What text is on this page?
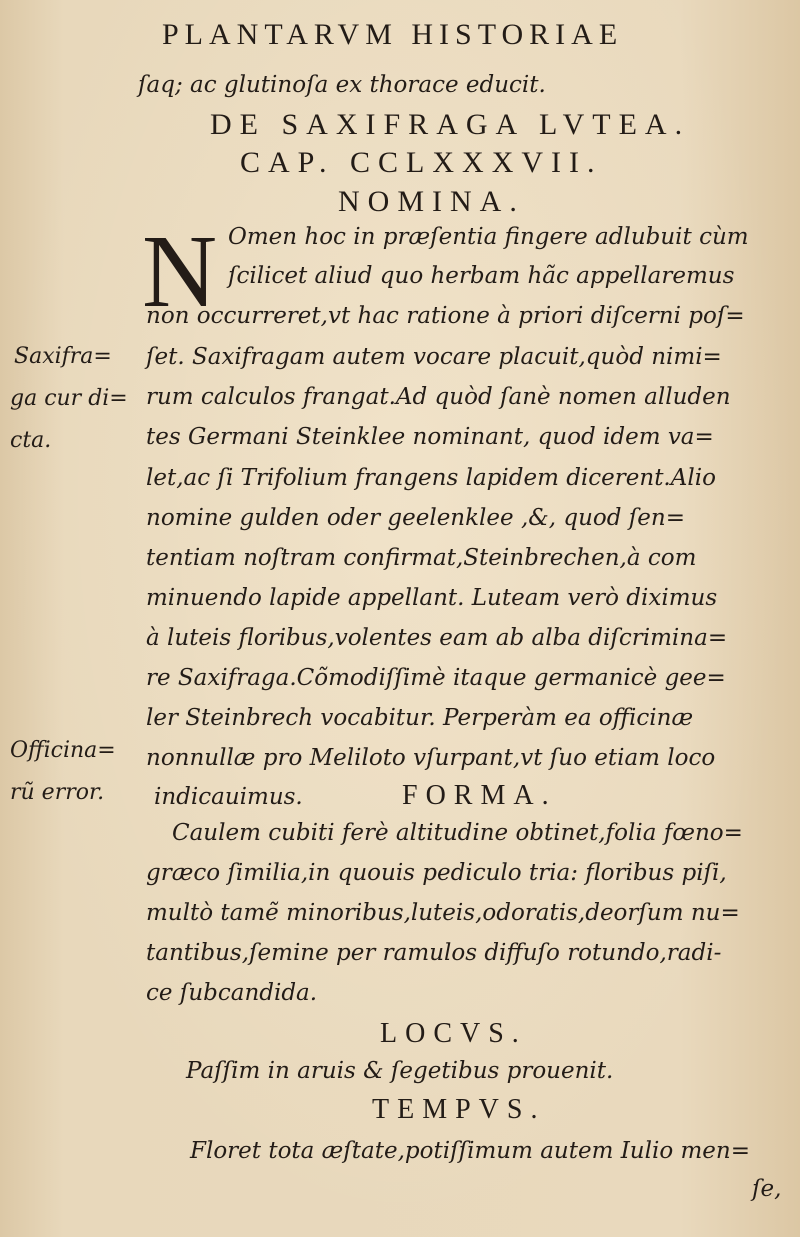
PLANTARVM HISTORIAE
ſaq; ac glutinoſa ex thorace educit.
DE SAXIFRAGA LVTEA.
CAP. CCLXXXVII.
NOMINA.
N Omen hoc in præſentia fingere adlubuit cùm
ſcilicet aliud quo herbam hãc appellaremus
non occurreret,vt hac ratione à priori diſcerni poſ=
ſet. Saxifragam autem vocare placuit,quòd nimi=
rum calculos frangat.Ad quòd ſanè nomen alluden
tes Germani Steinklee nominant, quod idem va=
let,ac ſi Trifolium frangens lapidem dicerent.Alio
nomine gulden oder geelenklee ,&, quod ſen=
tentiam noſtram confirmat,Steinbrechen,à com
minuendo lapide appellant. Luteam verò diximus
à luteis floribus,volentes eam ab alba diſcrimina=
re Saxifraga.Cõmodiſſimè itaque germanicè gee=
ler Steinbrech vocabitur. Perperàm ea officinæ
nonnullæ pro Meliloto vſurpant,vt ſuo etiam loco
indicauimus.	FORMA.
Caulem cubiti ferè altitudine obtinet,folia fœno=
græco ſimilia,in quouis pediculo tria: floribus piſi,
multò tamẽ minoribus,luteis,odoratis,deorſum nu=
tantibus,ſemine per ramulos diffuſo rotundo,radi-
ce ſubcandida.
LOCVS.
Paſſim in aruis & ſegetibus prouenit.
TEMPVS.
Floret tota æſtate,potiſſimum autem Iulio men=
ſe,
Saxifra=
ga cur di=
cta.
Officina=
rũ error.
